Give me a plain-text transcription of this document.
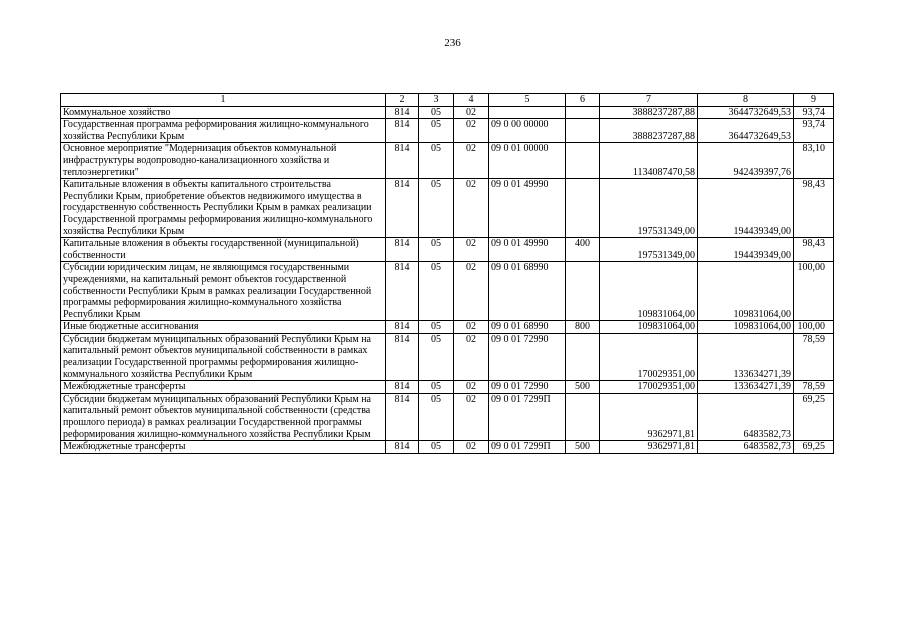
236
1	2	3	4	5	6	7	8	9
Коммунальное хозяйство	814	05	02			3888237287,88	3644732649,53	93,74
Государственная программа реформирования жилищно-коммунального хозяйства Республики Крым	814	05	02	09 0 00 00000		3888237287,88	3644732649,53	93,74
Основное мероприятие "Модернизация объектов коммунальной инфраструктуры водопроводно-канализационного хозяйства и теплоэнергетики"	814	05	02	09 0 01 00000		1134087470,58	942439397,76	83,10
Капитальные вложения в объекты капитального строительства Республики Крым, приобретение объектов недвижимого имущества в государственную собственность Республики Крым в рамках реализации Государственной программы реформирования жилищно-коммунального хозяйства Республики Крым	814	05	02	09 0 01 49990		197531349,00	194439349,00	98,43
Капитальные вложения в объекты государственной (муниципальной) собственности	814	05	02	09 0 01 49990	400	197531349,00	194439349,00	98,43
Субсидии юридическим лицам, не являющимся государственными учреждениями, на капитальный ремонт объектов государственной собственности Республики Крым в рамках реализации Государственной программы реформирования жилищно-коммунального хозяйства Республики Крым	814	05	02	09 0 01 68990		109831064,00	109831064,00	100,00
Иные бюджетные ассигнования	814	05	02	09 0 01 68990	800	109831064,00	109831064,00	100,00
Субсидии бюджетам муниципальных образований Республики Крым на капитальный ремонт объектов муниципальной собственности в рамках реализации Государственной программы реформирования жилищно-коммунального хозяйства Республики Крым	814	05	02	09 0 01 72990		170029351,00	133634271,39	78,59
Межбюджетные трансферты	814	05	02	09 0 01 72990	500	170029351,00	133634271,39	78,59
Субсидии бюджетам муниципальных образований Республики Крым на капитальный ремонт объектов муниципальной собственности (средства прошлого периода) в рамках реализации Государственной программы реформирования жилищно-коммунального хозяйства Республики Крым	814	05	02	09 0 01 7299П		9362971,81	6483582,73	69,25
Межбюджетные трансферты	814	05	02	09 0 01 7299П	500	9362971,81	6483582,73	69,25
